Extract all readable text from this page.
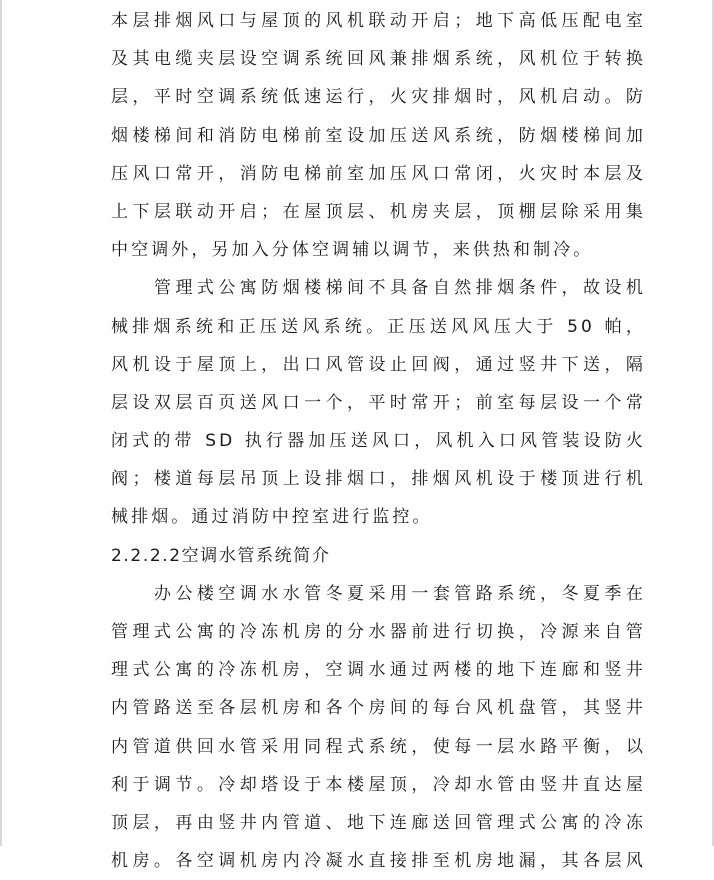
本层排烟风口与屋顶的风机联动开启；地下高低压配电室
及其电缆夹层设空调系统回风兼排烟系统，风机位于转换
层，平时空调系统低速运行，火灾排烟时，风机启动。防
烟楼梯间和消防电梯前室设加压送风系统，防烟楼梯间加
压风口常开，消防电梯前室加压风口常闭，火灾时本层及
上下层联动开启；在屋顶层、机房夹层，顶棚层除采用集
中空调外，另加入分体空调辅以调节，来供热和制冷。
管理式公寓防烟楼梯间不具备自然排烟条件，故设机
械排烟系统和正压送风系统。正压送风风压大于 50 帕，
风机设于屋顶上，出口风管设止回阀，通过竖井下送，隔
层设双层百页送风口一个，平时常开；前室每层设一个常
闭式的带 SD 执行器加压送风口，风机入口风管装设防火
阀；楼道每层吊顶上设排烟口，排烟风机设于楼顶进行机
械排烟。通过消防中控室进行监控。
2.2.2.2空调水管系统简介
办公楼空调水水管冬夏采用一套管路系统，冬夏季在
管理式公寓的冷冻机房的分水器前进行切换，冷源来自管
理式公寓的冷冻机房，空调水通过两楼的地下连廊和竖井
内管路送至各层机房和各个房间的每台风机盘管，其竖井
内管道供回水管采用同程式系统，使每一层水路平衡，以
利于调节。冷却塔设于本楼屋顶，冷却水管由竖井直达屋
顶层，再由竖井内管道、地下连廊送回管理式公寓的冷冻
机房。各空调机房内冷凝水直接排至机房地漏，其各层风
